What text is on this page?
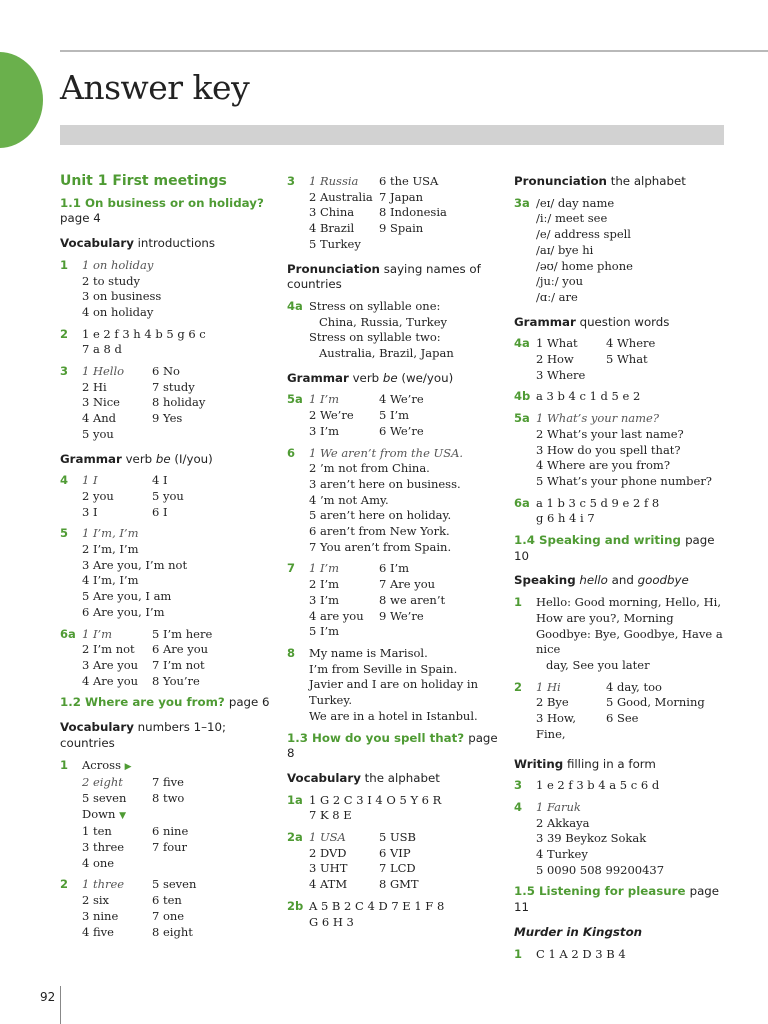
Answer key
Unit 1 First meetings
1.1 On business or on holiday?
page 4
Vocabulary introductions
1	1 on holiday
2 to study
3 on business
4 on holiday
2	1 e 2 f 3 h 4 b 5 g 6 c
7 a 8 d
3	1 Hello
2 Hi
3 Nice
4 And
5 you
6 No
7 study
8 holiday
9 Yes
Grammar verb be (I/you)
4	1 I
2 you
3 I
4 I
5 you
6 I
5	1 I’m, I’m
2 I’m, I’m
3 Are you, I’m not
4 I’m, I’m
5 Are you, I am
6 Are you, I’m
6a 1 I’m
2 I’m not
3 Are you
4 Are you
5 I’m here
6 Are you
7 I’m not
8 You’re
1.2 Where are you from? page 6
Vocabulary numbers 1–10; countries
1	Across ▶
2 eight
5 seven
7 five
8 two
Down ▼
1 ten
3 three
4 one
6 nine
7 four
2	1 three
2 six
3 nine
4 five
5 seven
6 ten
7 one
8 eight
3	1 Russia
2 Australia
3 China
4 Brazil
5 Turkey
6 the USA
7 Japan
8 Indonesia
9 Spain
Pronunciation saying names of countries
4a Stress on syllable one:
China, Russia, Turkey
Stress on syllable two:
Australia, Brazil, Japan
Grammar verb be (we/you)
5a 1 I’m
2 We’re
3 I’m
4 We’re
5 I’m
6 We’re
6	1 We aren’t from the USA.
2 ’m not from China.
3 aren’t here on business.
4 ’m not Amy.
5 aren’t here on holiday.
6 aren’t from New York.
7 You aren’t from Spain.
7	1 I’m
2 I’m
3 I’m
4 are you
5 I’m
6 I’m
7 Are you
8 we aren’t
9 We’re
8	My name is Marisol.
I’m from Seville in Spain.
Javier and I are on holiday in Turkey.
We are in a hotel in Istanbul.
1.3 How do you spell that? page 8
Vocabulary the alphabet
1a 1 G 2 C 3 I 4 O 5 Y 6 R
7 K 8 E
2a 1 USA
2 DVD
3 UHT
4 ATM
5 USB
6 VIP
7 LCD
8 GMT
2b A 5 B 2 C 4 D 7 E 1 F 8
G 6 H 3
Pronunciation the alphabet
3a /eɪ/ day name
/iː/ meet see
/e/ address spell
/aɪ/ bye hi
/əʊ/ home phone
/juː/ you
/ɑː/ are
Grammar question words
4a 1 What
2 How
3 Where
4 Where
5 What
4b a 3 b 4 c 1 d 5 e 2
5a 1 What’s your name?
2 What’s your last name?
3 How do you spell that?
4 Where are you from?
5 What’s your phone number?
6a a 1 b 3 c 5 d 9 e 2 f 8
g 6 h 4 i 7
1.4 Speaking and writing page 10
Speaking hello and goodbye
1	Hello: Good morning, Hello, Hi,
How are you?, Morning
Goodbye: Bye, Goodbye, Have a nice
day, See you later
2	1 Hi
2 Bye
3 How, Fine,
4 day, too
5 Good, Morning
6 See
Writing filling in a form
3	1 e 2 f 3 b 4 a 5 c 6 d
4	1 Faruk
2 Akkaya
3 39 Beykoz Sokak
4 Turkey
5 0090 508 99200437
1.5 Listening for pleasure page 11
Murder in Kingston
1	C 1 A 2 D 3 B 4
92
